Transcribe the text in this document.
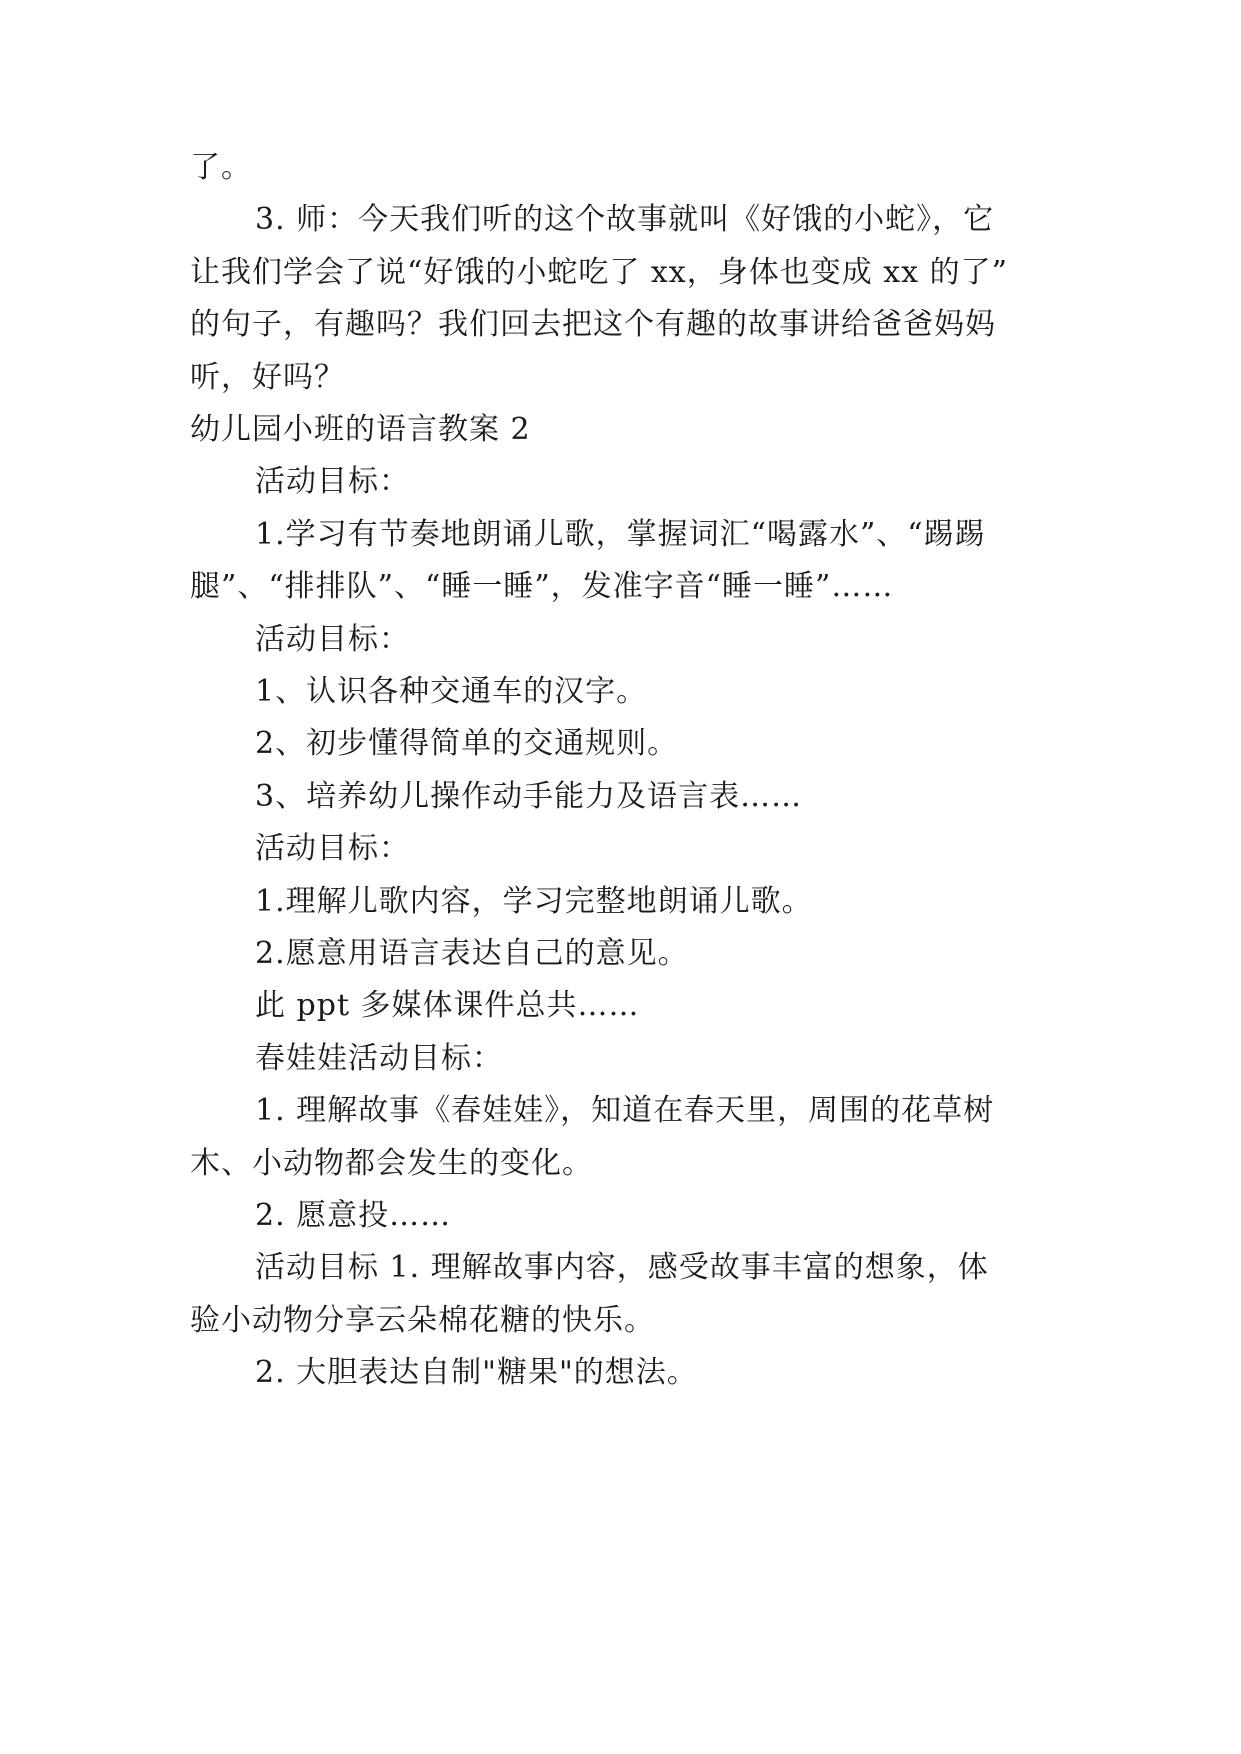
了。
3. 师：今天我们听的这个故事就叫《好饿的小蛇》，它
让我们学会了说“好饿的小蛇吃了 xx，身体也变成 xx 的了”
的句子，有趣吗？我们回去把这个有趣的故事讲给爸爸妈妈
听，好吗？
幼儿园小班的语言教案 2
活动目标：
1.学习有节奏地朗诵儿歌，掌握词汇“喝露水”、“踢踢
腿”、“排排队”、“睡一睡”，发准字音“睡一睡”……
活动目标：
1、认识各种交通车的汉字。
2、初步懂得简单的交通规则。
3、培养幼儿操作动手能力及语言表……
活动目标：
1.理解儿歌内容，学习完整地朗诵儿歌。
2.愿意用语言表达自己的意见。
此 ppt 多媒体课件总共……
春娃娃活动目标：
1. 理解故事《春娃娃》，知道在春天里，周围的花草树
木、小动物都会发生的变化。
2. 愿意投……
活动目标 1. 理解故事内容，感受故事丰富的想象，体
验小动物分享云朵棉花糖的快乐。
2. 大胆表达自制"糖果"的想法。
